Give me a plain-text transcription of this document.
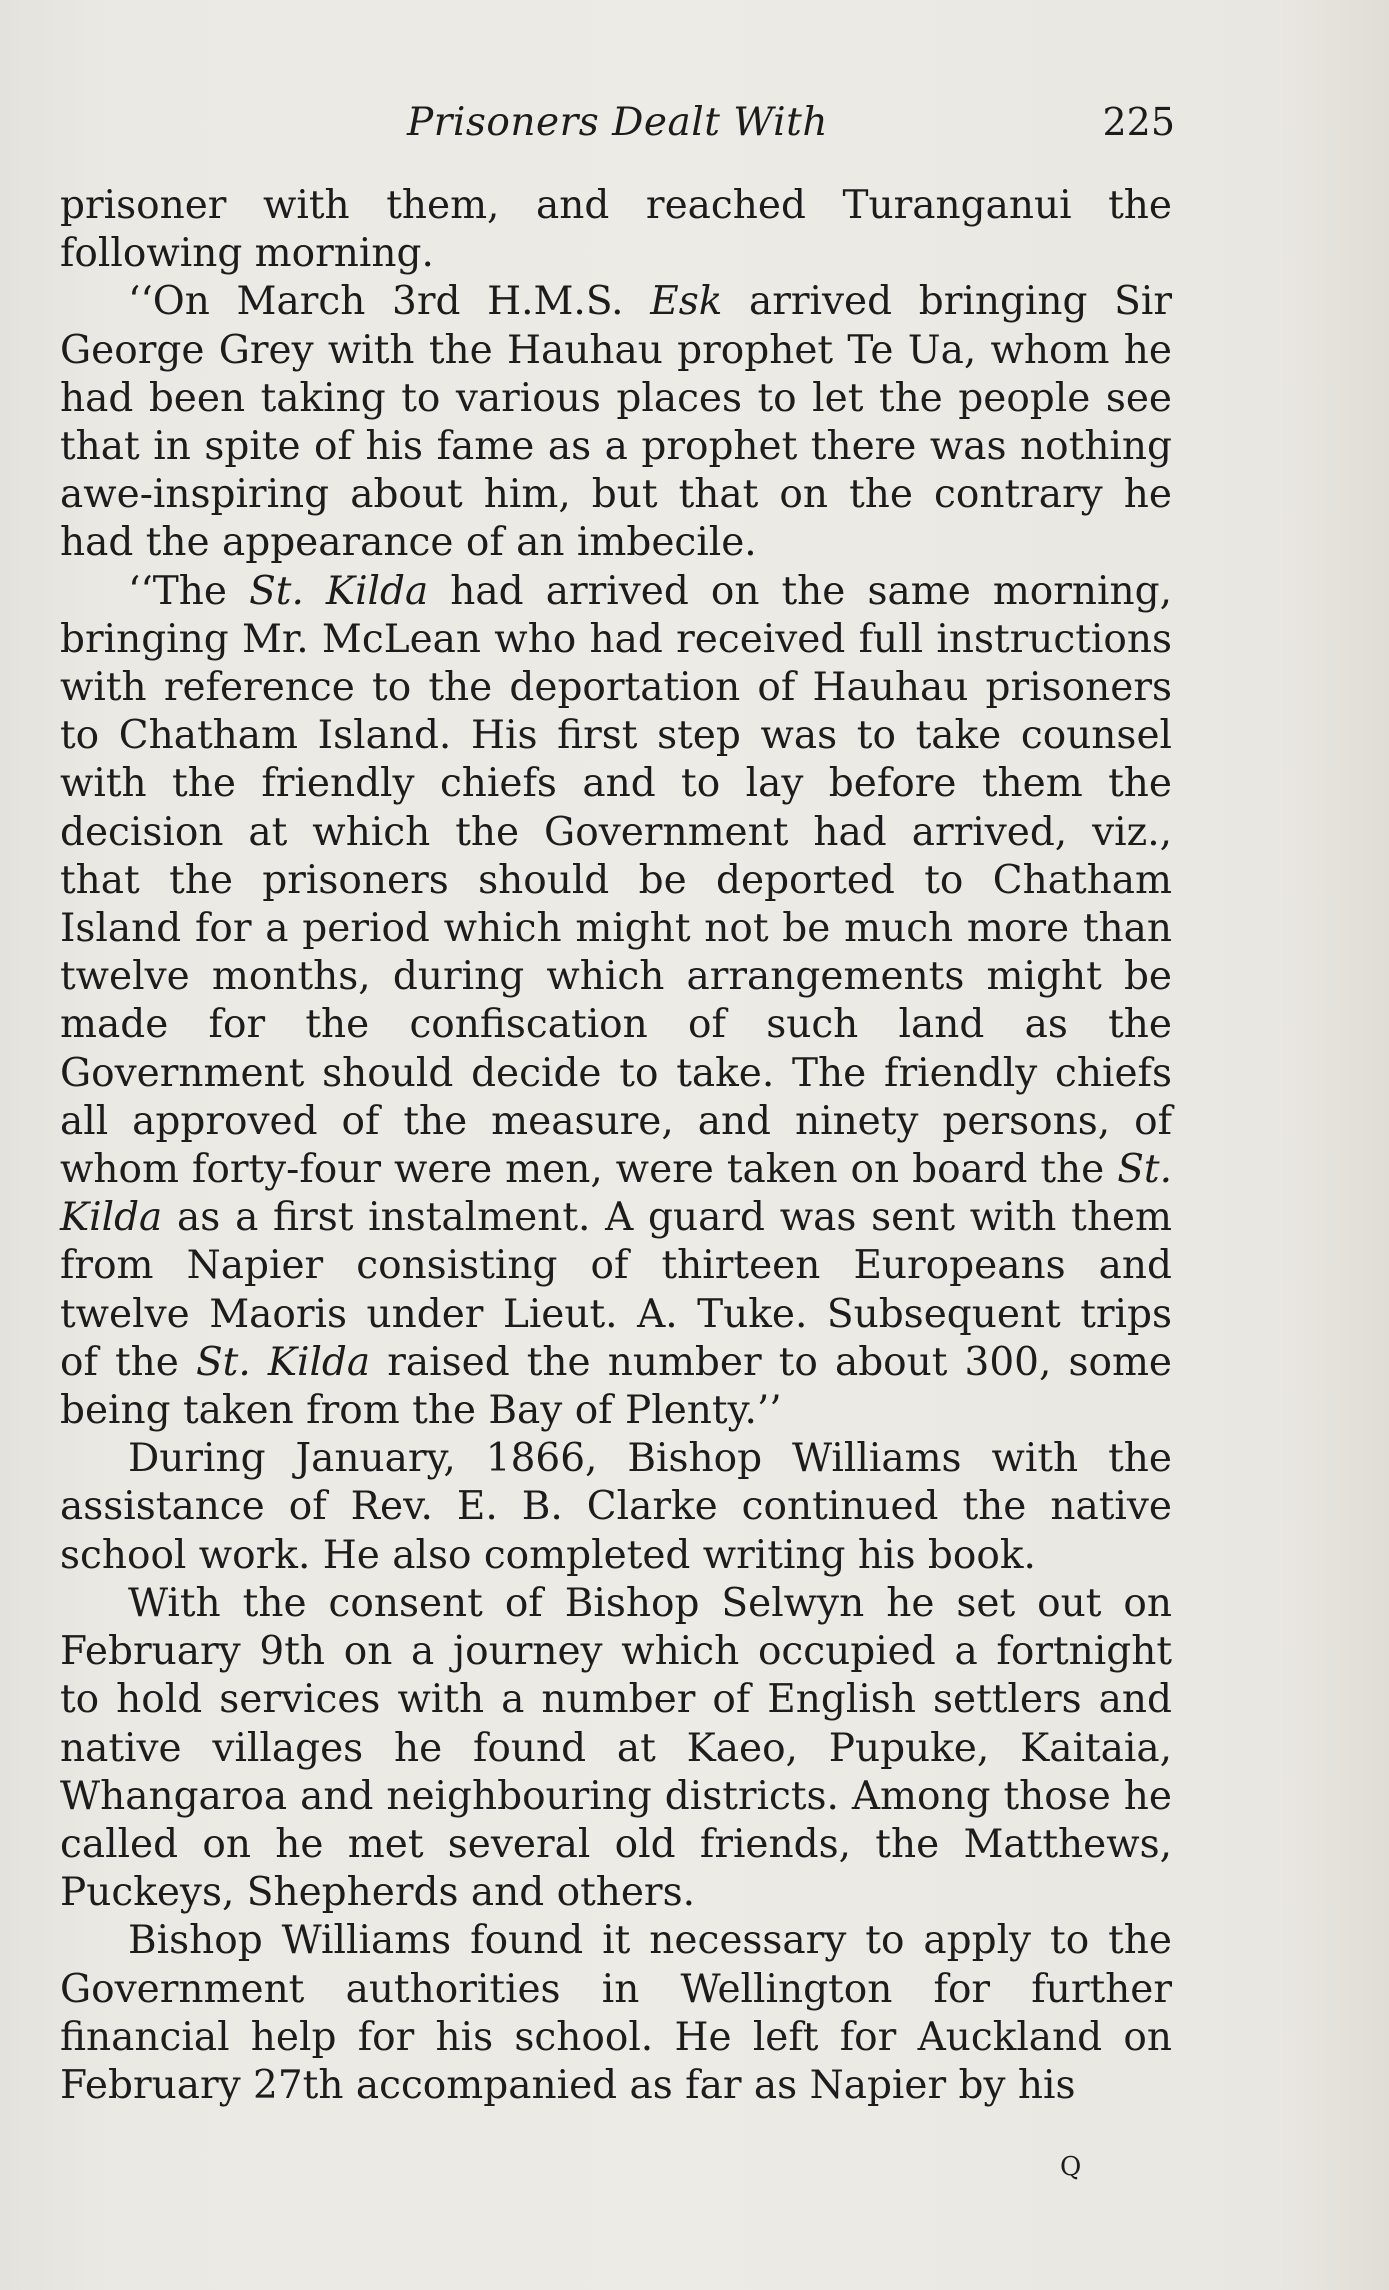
Prisoners Dealt With	225

prisoner with them, and reached Turanganui the following morning.

‘‘On March 3rd H.M.S. Esk arrived bringing Sir George Grey with the Hauhau prophet Te Ua, whom he had been taking to various places to let the people see that in spite of his fame as a prophet there was nothing awe-inspiring about him, but that on the contrary he had the appearance of an imbecile.

‘‘The St. Kilda had arrived on the same morning, bringing Mr. McLean who had received full instructions with reference to the deportation of Hauhau prisoners to Chatham Island. His first step was to take counsel with the friendly chiefs and to lay before them the decision at which the Government had arrived, viz., that the prisoners should be deported to Chatham Island for a period which might not be much more than twelve months, during which arrangements might be made for the confiscation of such land as the Government should decide to take. The friendly chiefs all approved of the measure, and ninety persons, of whom forty-four were men, were taken on board the St. Kilda as a first instalment. A guard was sent with them from Napier consisting of thirteen Europeans and twelve Maoris under Lieut. A. Tuke. Subsequent trips of the St. Kilda raised the number to about 300, some being taken from the Bay of Plenty.’’

During January, 1866, Bishop Williams with the assistance of Rev. E. B. Clarke continued the native school work. He also completed writing his book.

With the consent of Bishop Selwyn he set out on February 9th on a journey which occupied a fortnight to hold services with a number of English settlers and native villages he found at Kaeo, Pupuke, Kaitaia, Whangaroa and neighbouring districts. Among those he called on he met several old friends, the Matthews, Puckeys, Shepherds and others.

Bishop Williams found it necessary to apply to the Government authorities in Wellington for further financial help for his school. He left for Auckland on February 27th accompanied as far as Napier by his

Q
